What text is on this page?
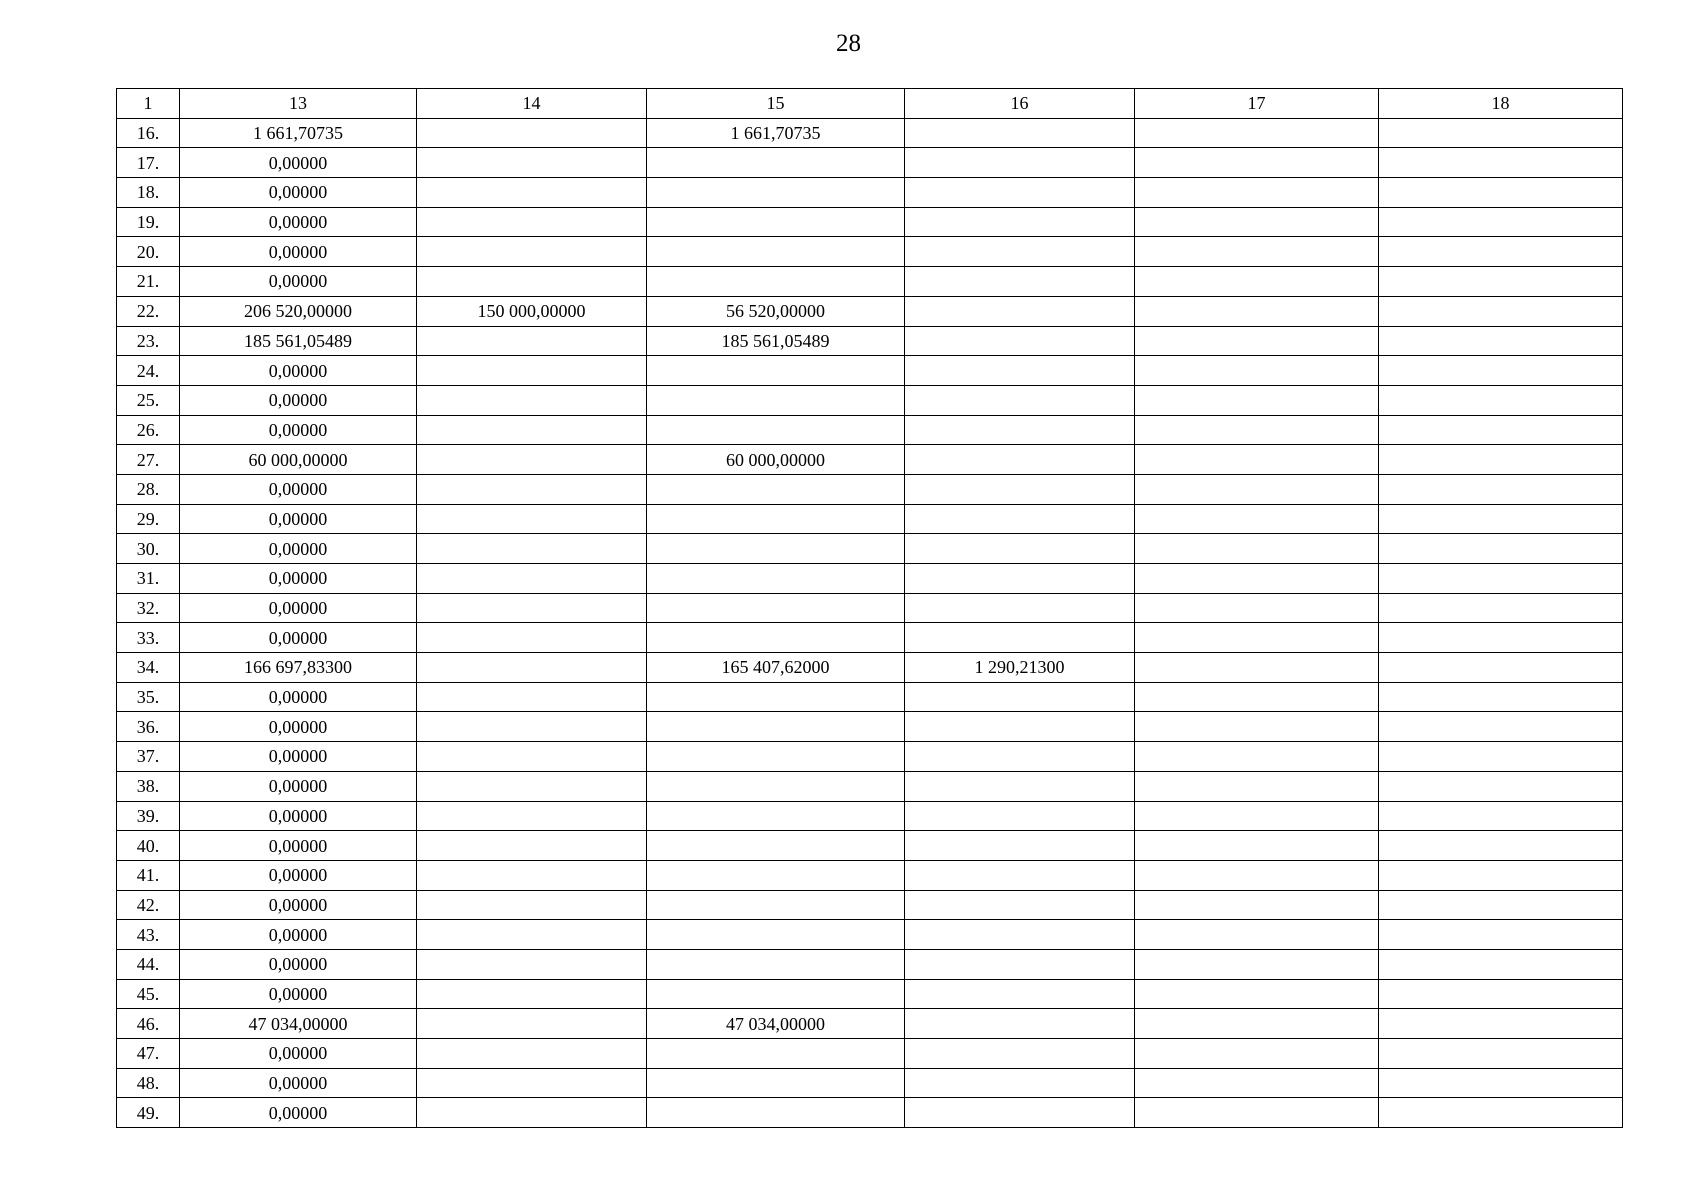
28
1	13	14	15	16	17	18
16.	1 661,70735		1 661,70735			
17.	0,00000					
18.	0,00000					
19.	0,00000					
20.	0,00000					
21.	0,00000					
22.	206 520,00000	150 000,00000	56 520,00000			
23.	185 561,05489		185 561,05489			
24.	0,00000					
25.	0,00000					
26.	0,00000					
27.	60 000,00000		60 000,00000			
28.	0,00000					
29.	0,00000					
30.	0,00000					
31.	0,00000					
32.	0,00000					
33.	0,00000					
34.	166 697,83300		165 407,62000	1 290,21300		
35.	0,00000					
36.	0,00000					
37.	0,00000					
38.	0,00000					
39.	0,00000					
40.	0,00000					
41.	0,00000					
42.	0,00000					
43.	0,00000					
44.	0,00000					
45.	0,00000					
46.	47 034,00000		47 034,00000			
47.	0,00000					
48.	0,00000					
49.	0,00000					
